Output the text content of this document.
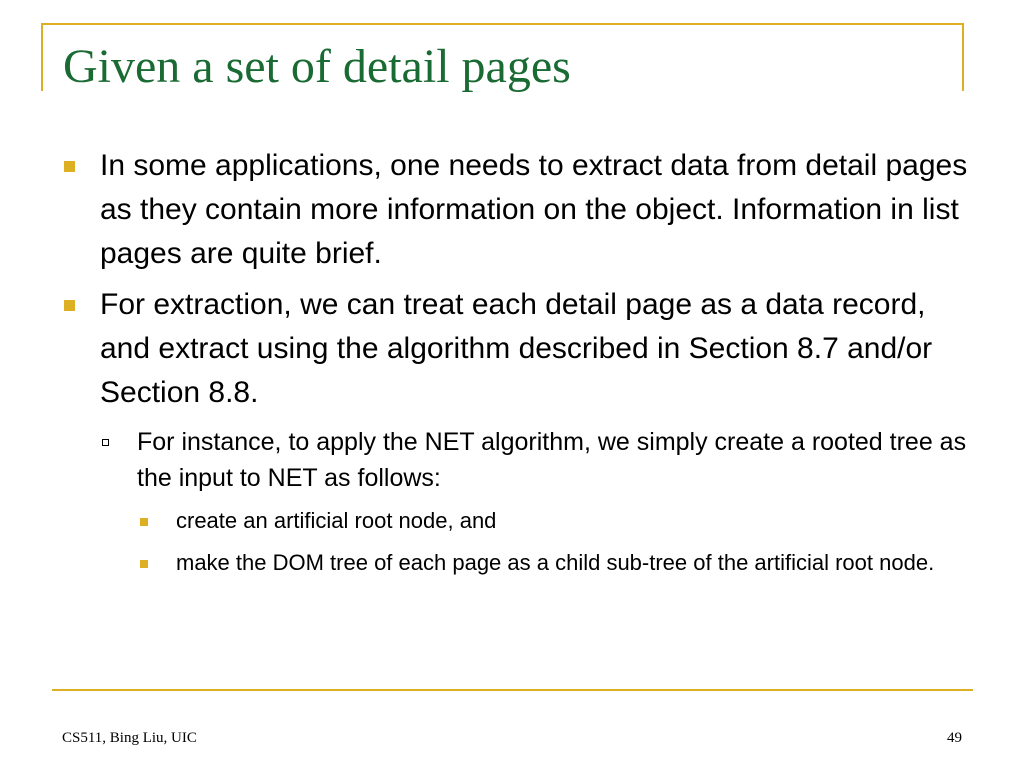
Given a set of detail pages
In some applications, one needs to extract data from detail pages as they contain more information on the object. Information in list pages are quite brief.
For extraction, we can treat each detail page as a data record, and extract using the algorithm described in Section 8.7 and/or Section 8.8.
For instance, to apply the NET algorithm, we simply create a rooted tree as the input to NET as follows:
create an artificial root node, and
make the DOM tree of each page as a child sub-tree of the artificial root node.
CS511, Bing Liu, UIC	49
